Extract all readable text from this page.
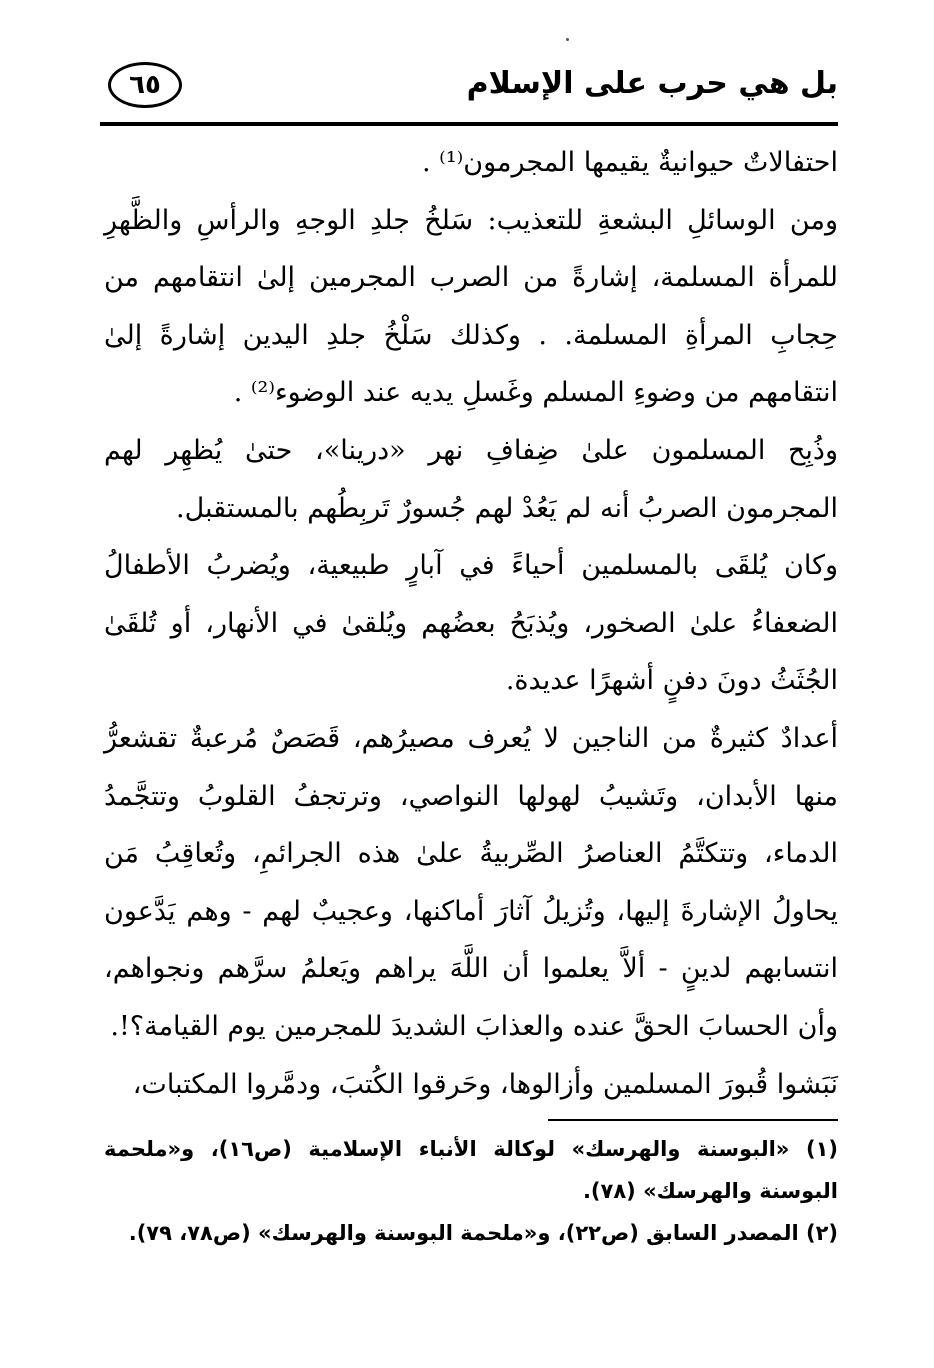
بل هي حرب على الإسلام
٦٥

احتفالاتٌ حيوانيةٌ يقيمها المجرمون⁽¹⁾ .

ومن الوسائلِ البشعةِ للتعذيب: سَلخُ جلدِ الوجهِ والرأسِ والظَّهرِ للمرأة المسلمة، إشارةً من الصرب المجرمين إلىٰ انتقامهم من حِجابِ المرأةِ المسلمة. . وكذلك سَلْخُ جلدِ اليدين إشارةً إلىٰ انتقامهم من وضوءِ المسلم وغَسلِ يديه عند الوضوء⁽²⁾ .

وذُبِح المسلمون علىٰ ضِفافِ نهر «درينا»، حتىٰ يُظهِر لهم المجرمون الصربُ أنه لم يَعُدْ لهم جُسورٌ تَربِطُهم بالمستقبل.

وكان يُلقَى بالمسلمين أحياءً في آبارٍ طبيعية، ويُضربُ الأطفالُ الضعفاءُ علىٰ الصخور، ويُذبَحُ بعضُهم ويُلقىٰ في الأنهار، أو تُلقَىٰ الجُثَثُ دونَ دفنٍ أشهرًا عديدة.

أعدادٌ كثيرةٌ من الناجين لا يُعرف مصيرُهم، قَصَصٌ مُرعبةٌ تقشعرُّ منها الأبدان، وتَشيبُ لهولها النواصي، وترتجفُ القلوبُ وتتجَّمدُ الدماء، وتتكتَّمُ العناصرُ الصِّربيةُ علىٰ هذه الجرائمِ، وتُعاقِبُ مَن يحاولُ الإشارةَ إليها، وتُزيلُ آثارَ أماكنها، وعجيبٌ لهم - وهم يَدَّعون انتسابهم لدينٍ - ألاَّ يعلموا أن اللَّهَ يراهم ويَعلمُ سرَّهم ونجواهم، وأن الحسابَ الحقَّ عنده والعذابَ الشديدَ للمجرمين يوم القيامة؟!.

نَبَشوا قُبورَ المسلمين وأزالوها، وحَرقوا الكُتبَ، ودمَّروا المكتبات،

(١) «البوسنة والهرسك» لوكالة الأنباء الإسلامية (ص١٦)، و«ملحمة البوسنة والهرسك» (٧٨).

(٢) المصدر السابق (ص٢٢)، و«ملحمة البوسنة والهرسك» (ص٧٨، ٧٩).
